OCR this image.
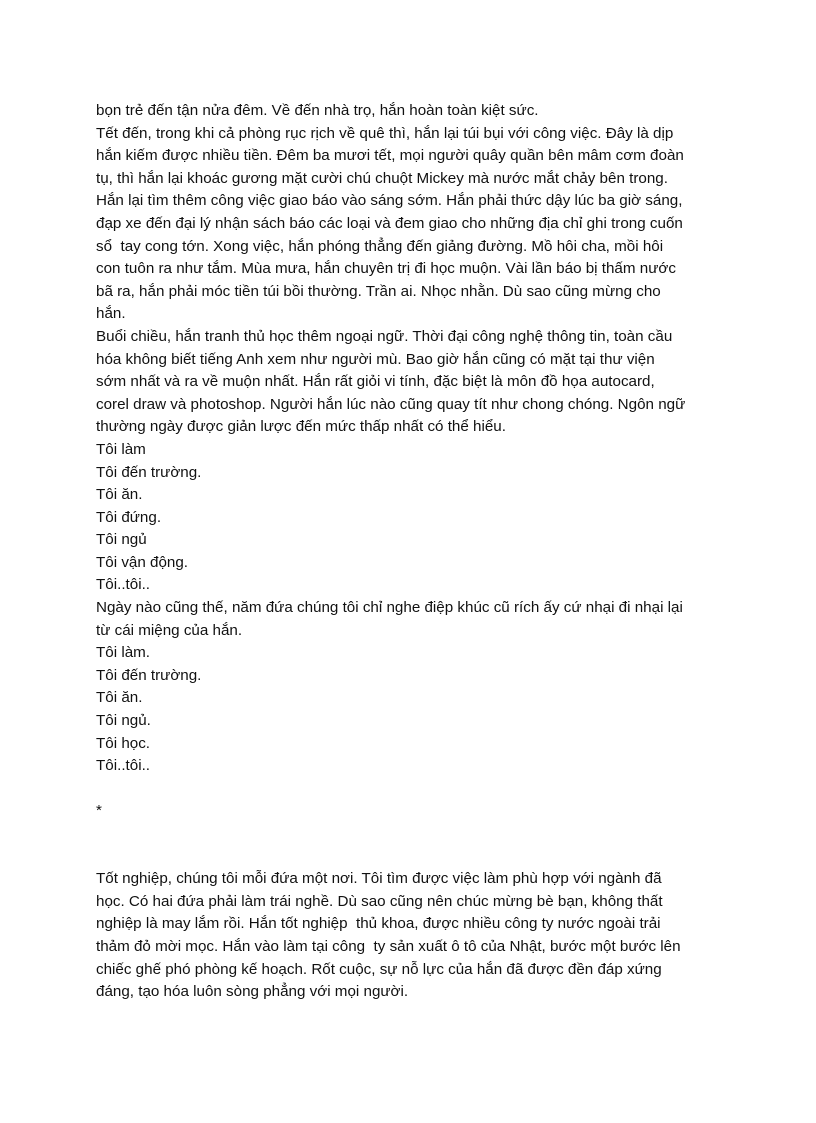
bọn trẻ đến tận nửa đêm. Về đến nhà trọ, hắn hoàn toàn kiệt sức.
Tết đến, trong khi cả phòng rục rịch về quê thì, hắn lại túi bụi với công việc. Đây là dịp
hắn kiếm được nhiều tiền. Đêm ba mươi tết, mọi người quây quần bên mâm cơm đoàn
tụ, thì hắn lại khoác gương mặt cười chú chuột Mickey mà nước mắt chảy bên trong.
Hắn lại tìm thêm công việc giao báo vào sáng sớm. Hắn phải thức dậy lúc ba giờ sáng,
đạp xe đến đại lý nhận sách báo các loại và đem giao cho những địa chỉ ghi trong cuốn
sổ  tay cong tớn. Xong việc, hắn phóng thẳng đến giảng đường. Mồ hôi cha, mồi hôi
con tuôn ra như tắm. Mùa mưa, hắn chuyên trị đi học muộn. Vài lần báo bị thấm nước
bã ra, hắn phải móc tiền túi bồi thường. Trần ai. Nhọc nhằn. Dù sao cũng mừng cho
hắn.
Buổi chiều, hắn tranh thủ học thêm ngoại ngữ. Thời đại công nghệ thông tin, toàn cầu
hóa không biết tiếng Anh xem như người mù. Bao giờ hắn cũng có mặt tại thư viện
sớm nhất và ra về muộn nhất. Hắn rất giỏi vi tính, đặc biệt là môn đồ họa autocard,
corel draw và photoshop. Người hắn lúc nào cũng quay tít như chong chóng. Ngôn ngữ
thường ngày được giản lược đến mức thấp nhất có thể hiểu.
Tôi làm
Tôi đến trường.
Tôi ăn.
Tôi đứng.
Tôi ngủ
Tôi vận động.
Tôi..tôi..
Ngày nào cũng thế, năm đứa chúng tôi chỉ nghe điệp khúc cũ rích ấy cứ nhại đi nhại lại
từ cái miệng của hắn.
Tôi làm.
Tôi đến trường.
Tôi ăn.
Tôi ngủ.
Tôi học.
Tôi..tôi..
*
Tốt nghiệp, chúng tôi mỗi đứa một nơi. Tôi tìm được việc làm phù hợp với ngành đã
học. Có hai đứa phải làm trái nghề. Dù sao cũng nên chúc mừng bè bạn, không thất
nghiệp là may lắm rồi. Hắn tốt nghiệp  thủ khoa, được nhiều công ty nước ngoài trải
thảm đỏ mời mọc. Hắn vào làm tại công  ty sản xuất ô tô của Nhật, bước một bước lên
chiếc ghế phó phòng kế hoạch. Rốt cuộc, sự nỗ lực của hắn đã được đền đáp xứng
đáng, tạo hóa luôn sòng phẳng với mọi người.
